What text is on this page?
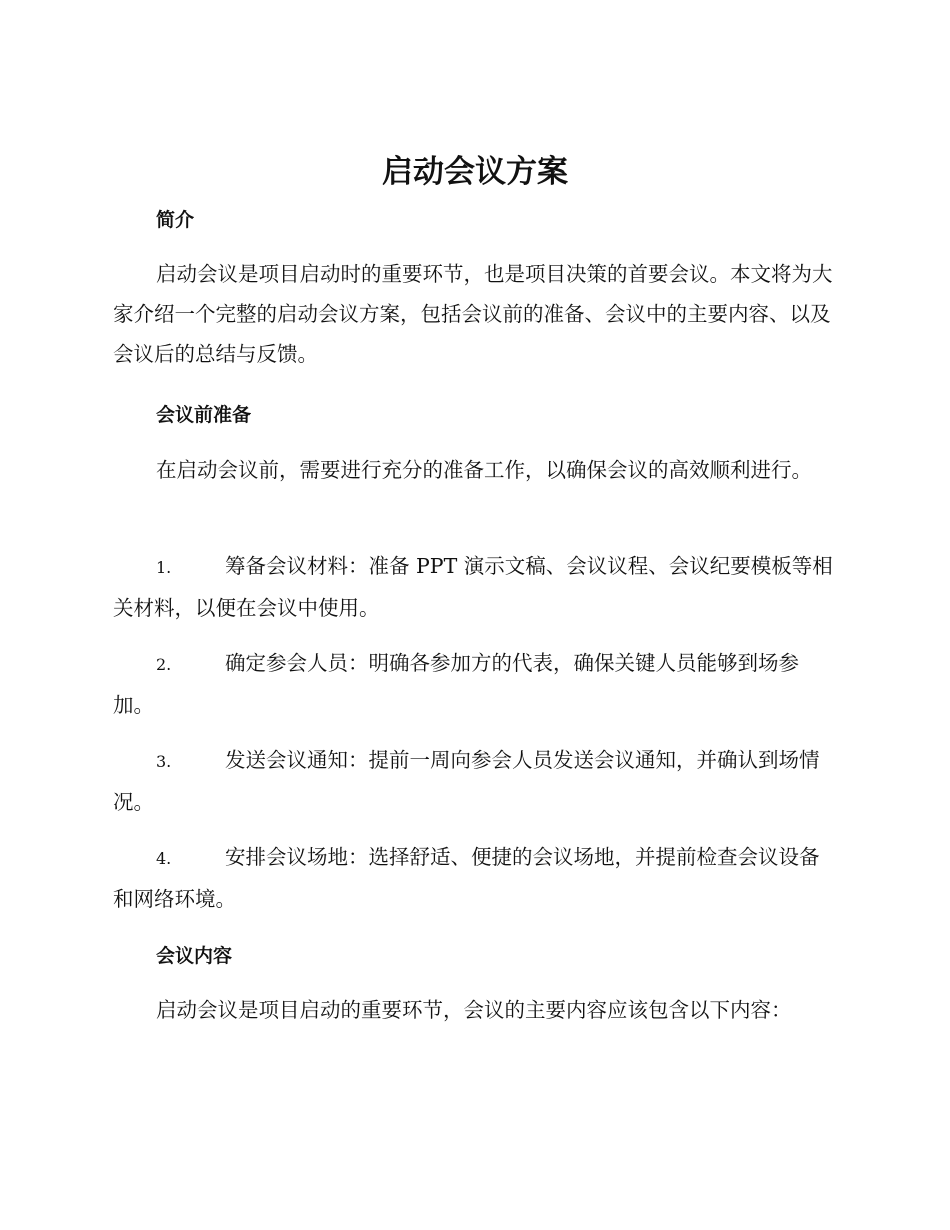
启动会议方案
简介

启动会议是项目启动时的重要环节，也是项目决策的首要会议。本文将为大家介绍一个完整的启动会议方案，包括会议前的准备、会议中的主要内容、以及会议后的总结与反馈。

会议前准备

在启动会议前，需要进行充分的准备工作，以确保会议的高效顺利进行。

1.	筹备会议材料：准备 PPT 演示文稿、会议议程、会议纪要模板等相关材料，以便在会议中使用。
2.	确定参会人员：明确各参加方的代表，确保关键人员能够到场参加。
3.	发送会议通知：提前一周向参会人员发送会议通知，并确认到场情况。
4.	安排会议场地：选择舒适、便捷的会议场地，并提前检查会议设备和网络环境。
会议内容

启动会议是项目启动的重要环节，会议的主要内容应该包含以下内容：
